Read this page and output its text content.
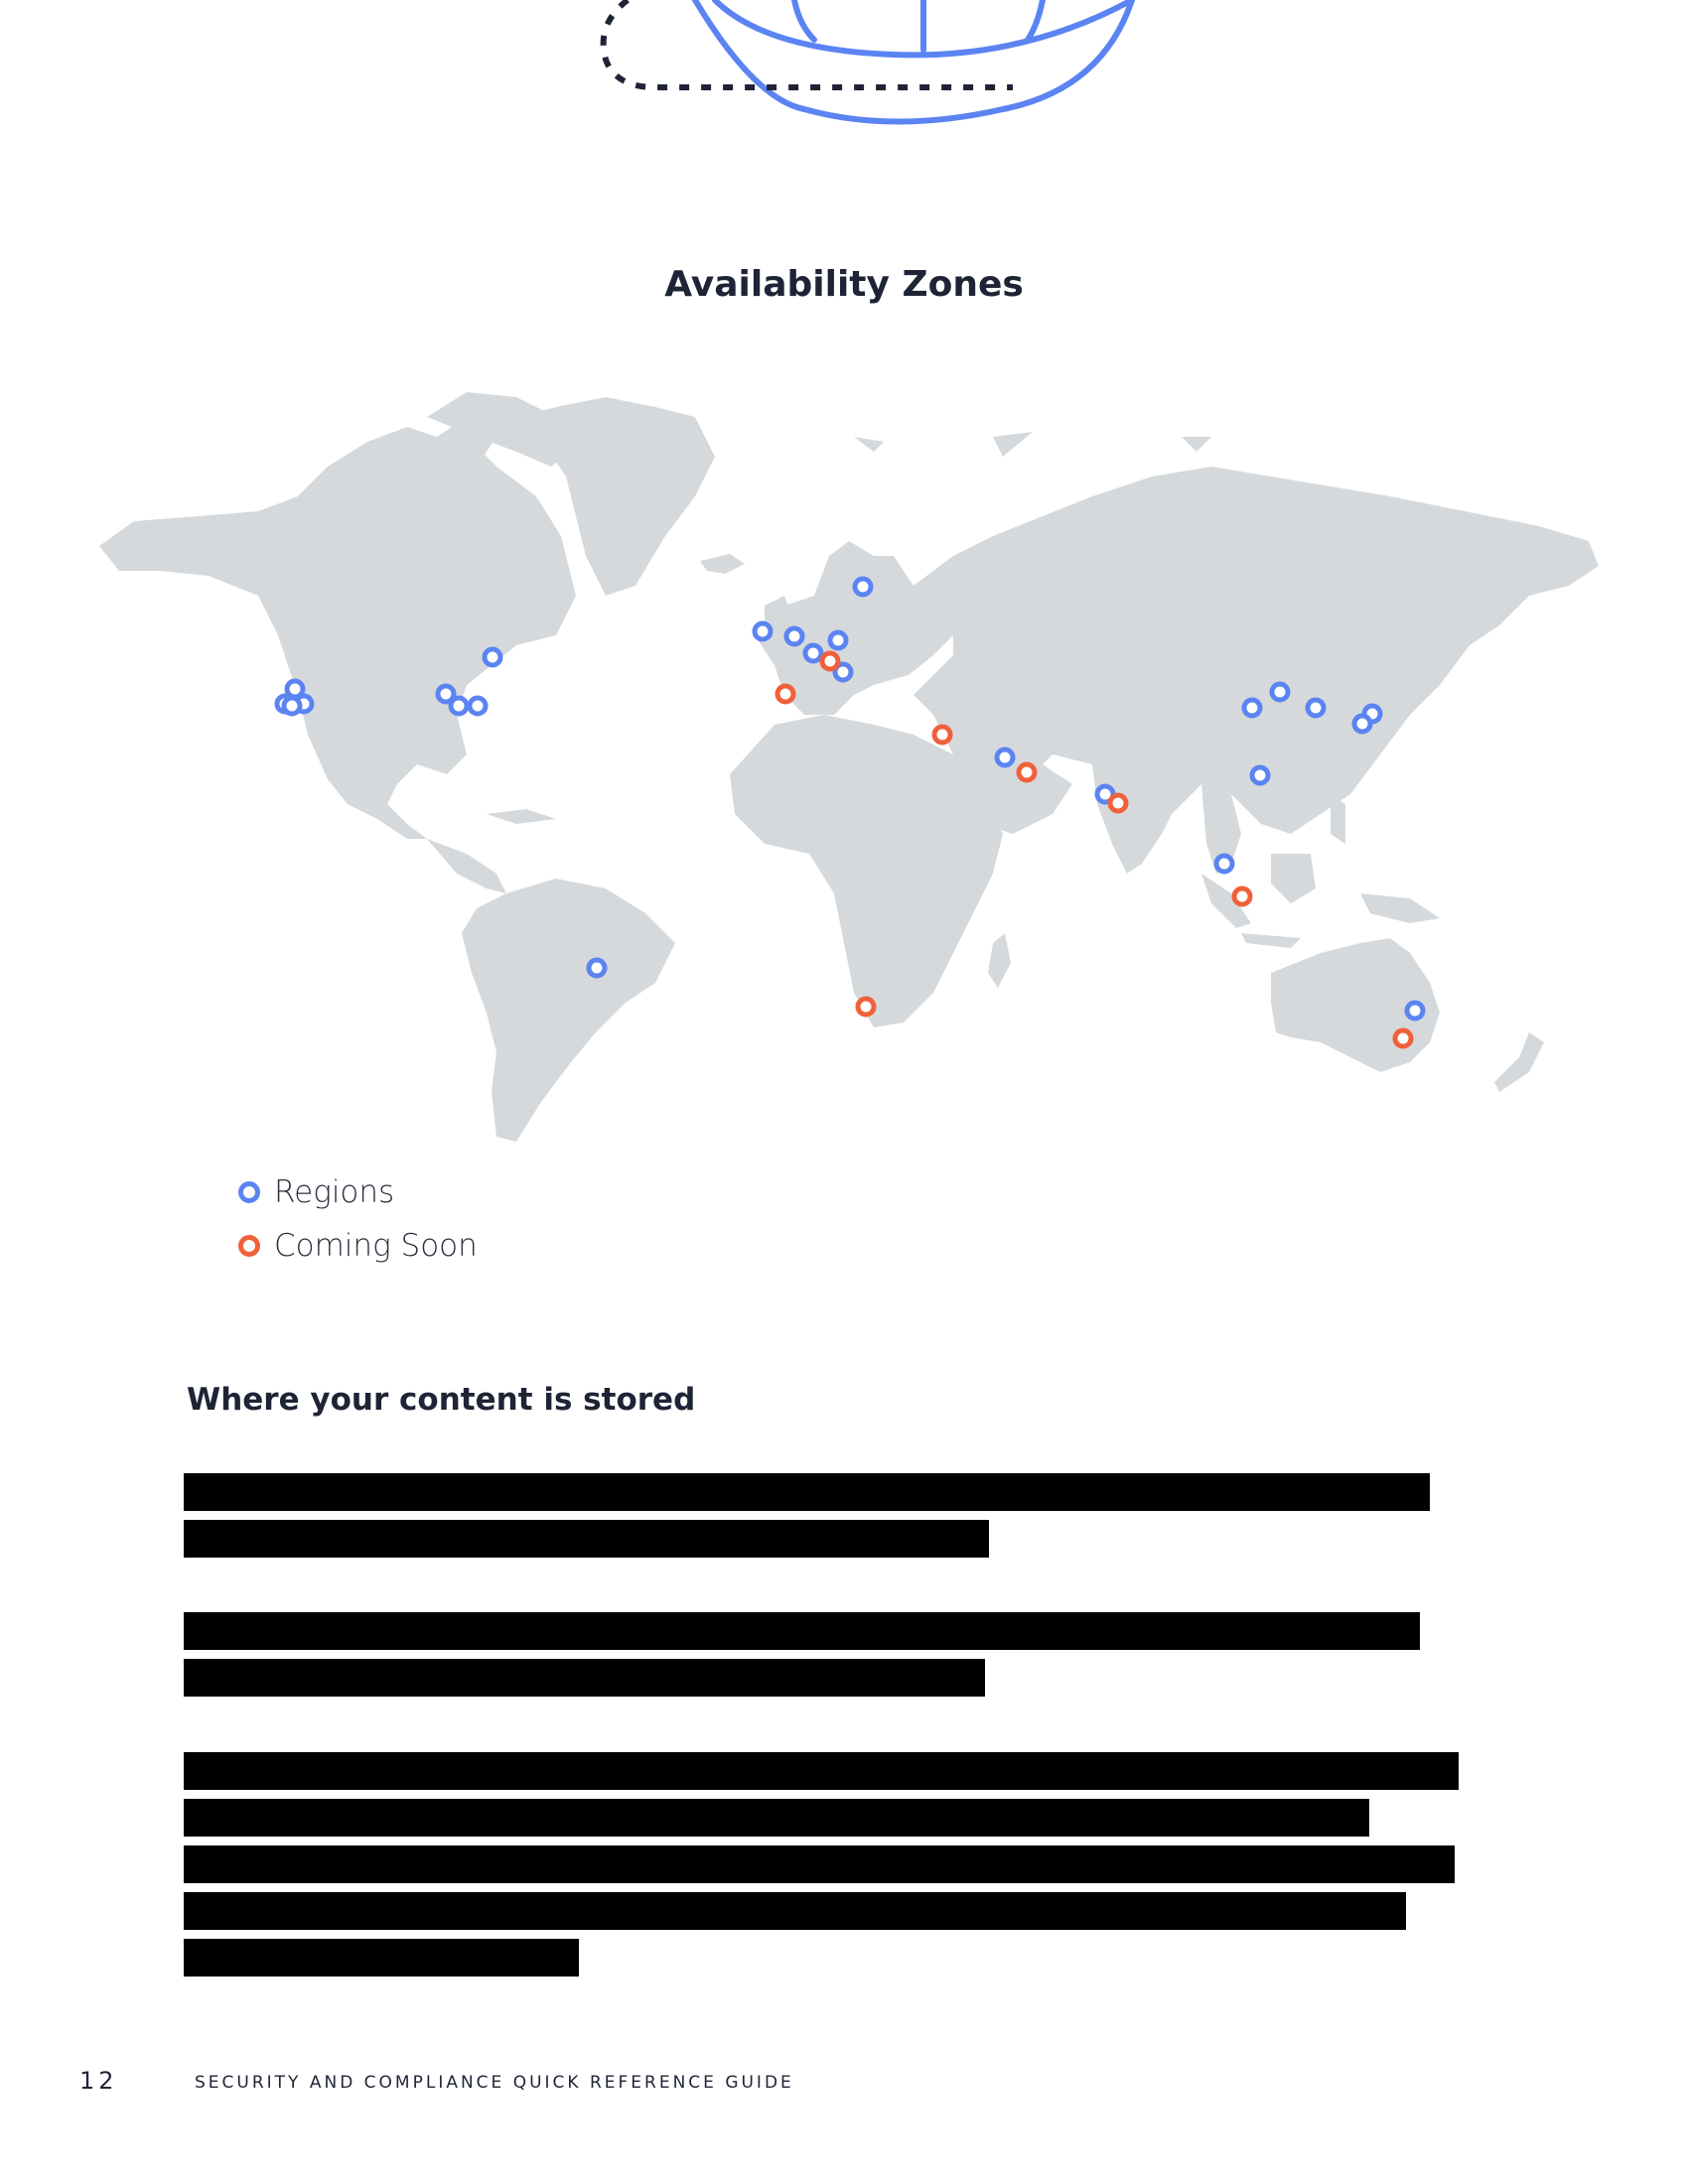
Availability Zones
Regions
Coming Soon
Where your content is stored
12	SECURITY AND COMPLIANCE QUICK REFERENCE GUIDE
